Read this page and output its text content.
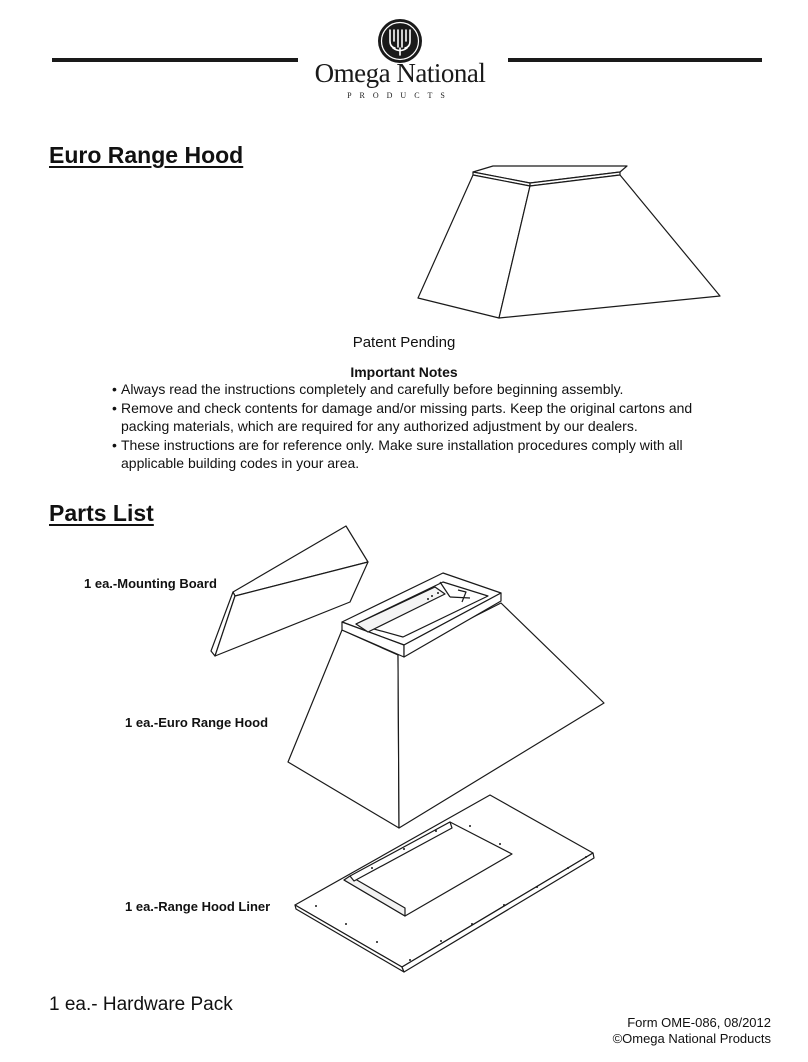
Omega National
PRODUCTS
Euro Range Hood
Patent Pending
Important Notes
• Always read the instructions completely and carefully before beginning assembly.
• Remove and check contents for damage and/or missing parts. Keep the original cartons and packing materials, which are required for any authorized adjustment by our dealers.
• These instructions are for reference only. Make sure installation procedures comply with all applicable building codes in your area.
Parts List
1 ea.-Mounting Board
1 ea.-Euro Range Hood
1 ea.-Range Hood Liner
1 ea.- Hardware Pack
Form OME-086, 08/2012
©Omega National Products
